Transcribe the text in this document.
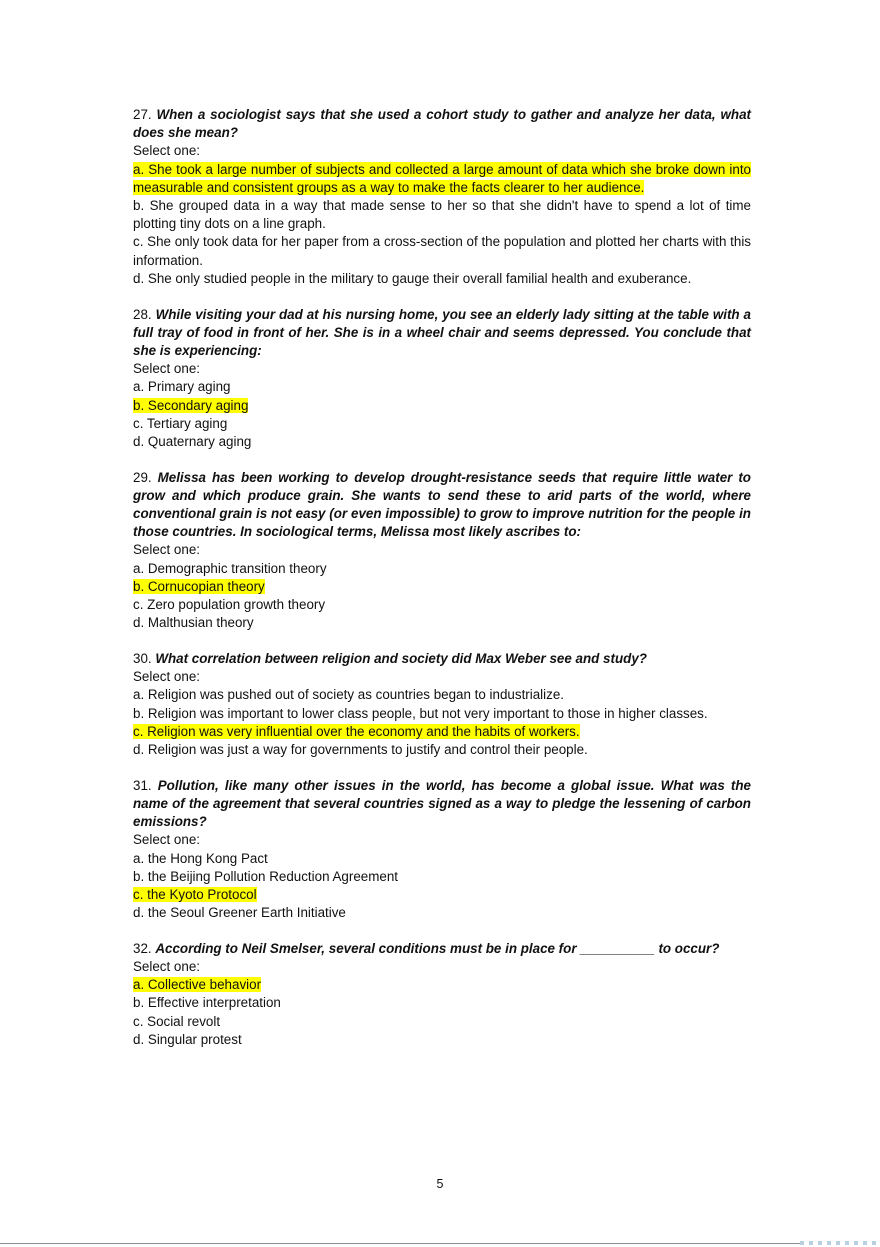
27. When a sociologist says that she used a cohort study to gather and analyze her data, what does she mean?
Select one:
a. She took a large number of subjects and collected a large amount of data which she broke down into measurable and consistent groups as a way to make the facts clearer to her audience.
b. She grouped data in a way that made sense to her so that she didn't have to spend a lot of time plotting tiny dots on a line graph.
c. She only took data for her paper from a cross-section of the population and plotted her charts with this information.
d. She only studied people in the military to gauge their overall familial health and exuberance.
28. While visiting your dad at his nursing home, you see an elderly lady sitting at the table with a full tray of food in front of her. She is in a wheel chair and seems depressed. You conclude that she is experiencing:
Select one:
a. Primary aging
b. Secondary aging
c. Tertiary aging
d. Quaternary aging
29. Melissa has been working to develop drought-resistance seeds that require little water to grow and which produce grain. She wants to send these to arid parts of the world, where conventional grain is not easy (or even impossible) to grow to improve nutrition for the people in those countries. In sociological terms, Melissa most likely ascribes to:
Select one:
a. Demographic transition theory
b. Cornucopian theory
c. Zero population growth theory
d. Malthusian theory
30. What correlation between religion and society did Max Weber see and study?
Select one:
a. Religion was pushed out of society as countries began to industrialize.
b. Religion was important to lower class people, but not very important to those in higher classes.
c. Religion was very influential over the economy and the habits of workers.
d. Religion was just a way for governments to justify and control their people.
31. Pollution, like many other issues in the world, has become a global issue. What was the name of the agreement that several countries signed as a way to pledge the lessening of carbon emissions?
Select one:
a. the Hong Kong Pact
b. the Beijing Pollution Reduction Agreement
c. the Kyoto Protocol
d. the Seoul Greener Earth Initiative
32. According to Neil Smelser, several conditions must be in place for __________ to occur?
Select one:
a. Collective behavior
b. Effective interpretation
c. Social revolt
d. Singular protest
5
